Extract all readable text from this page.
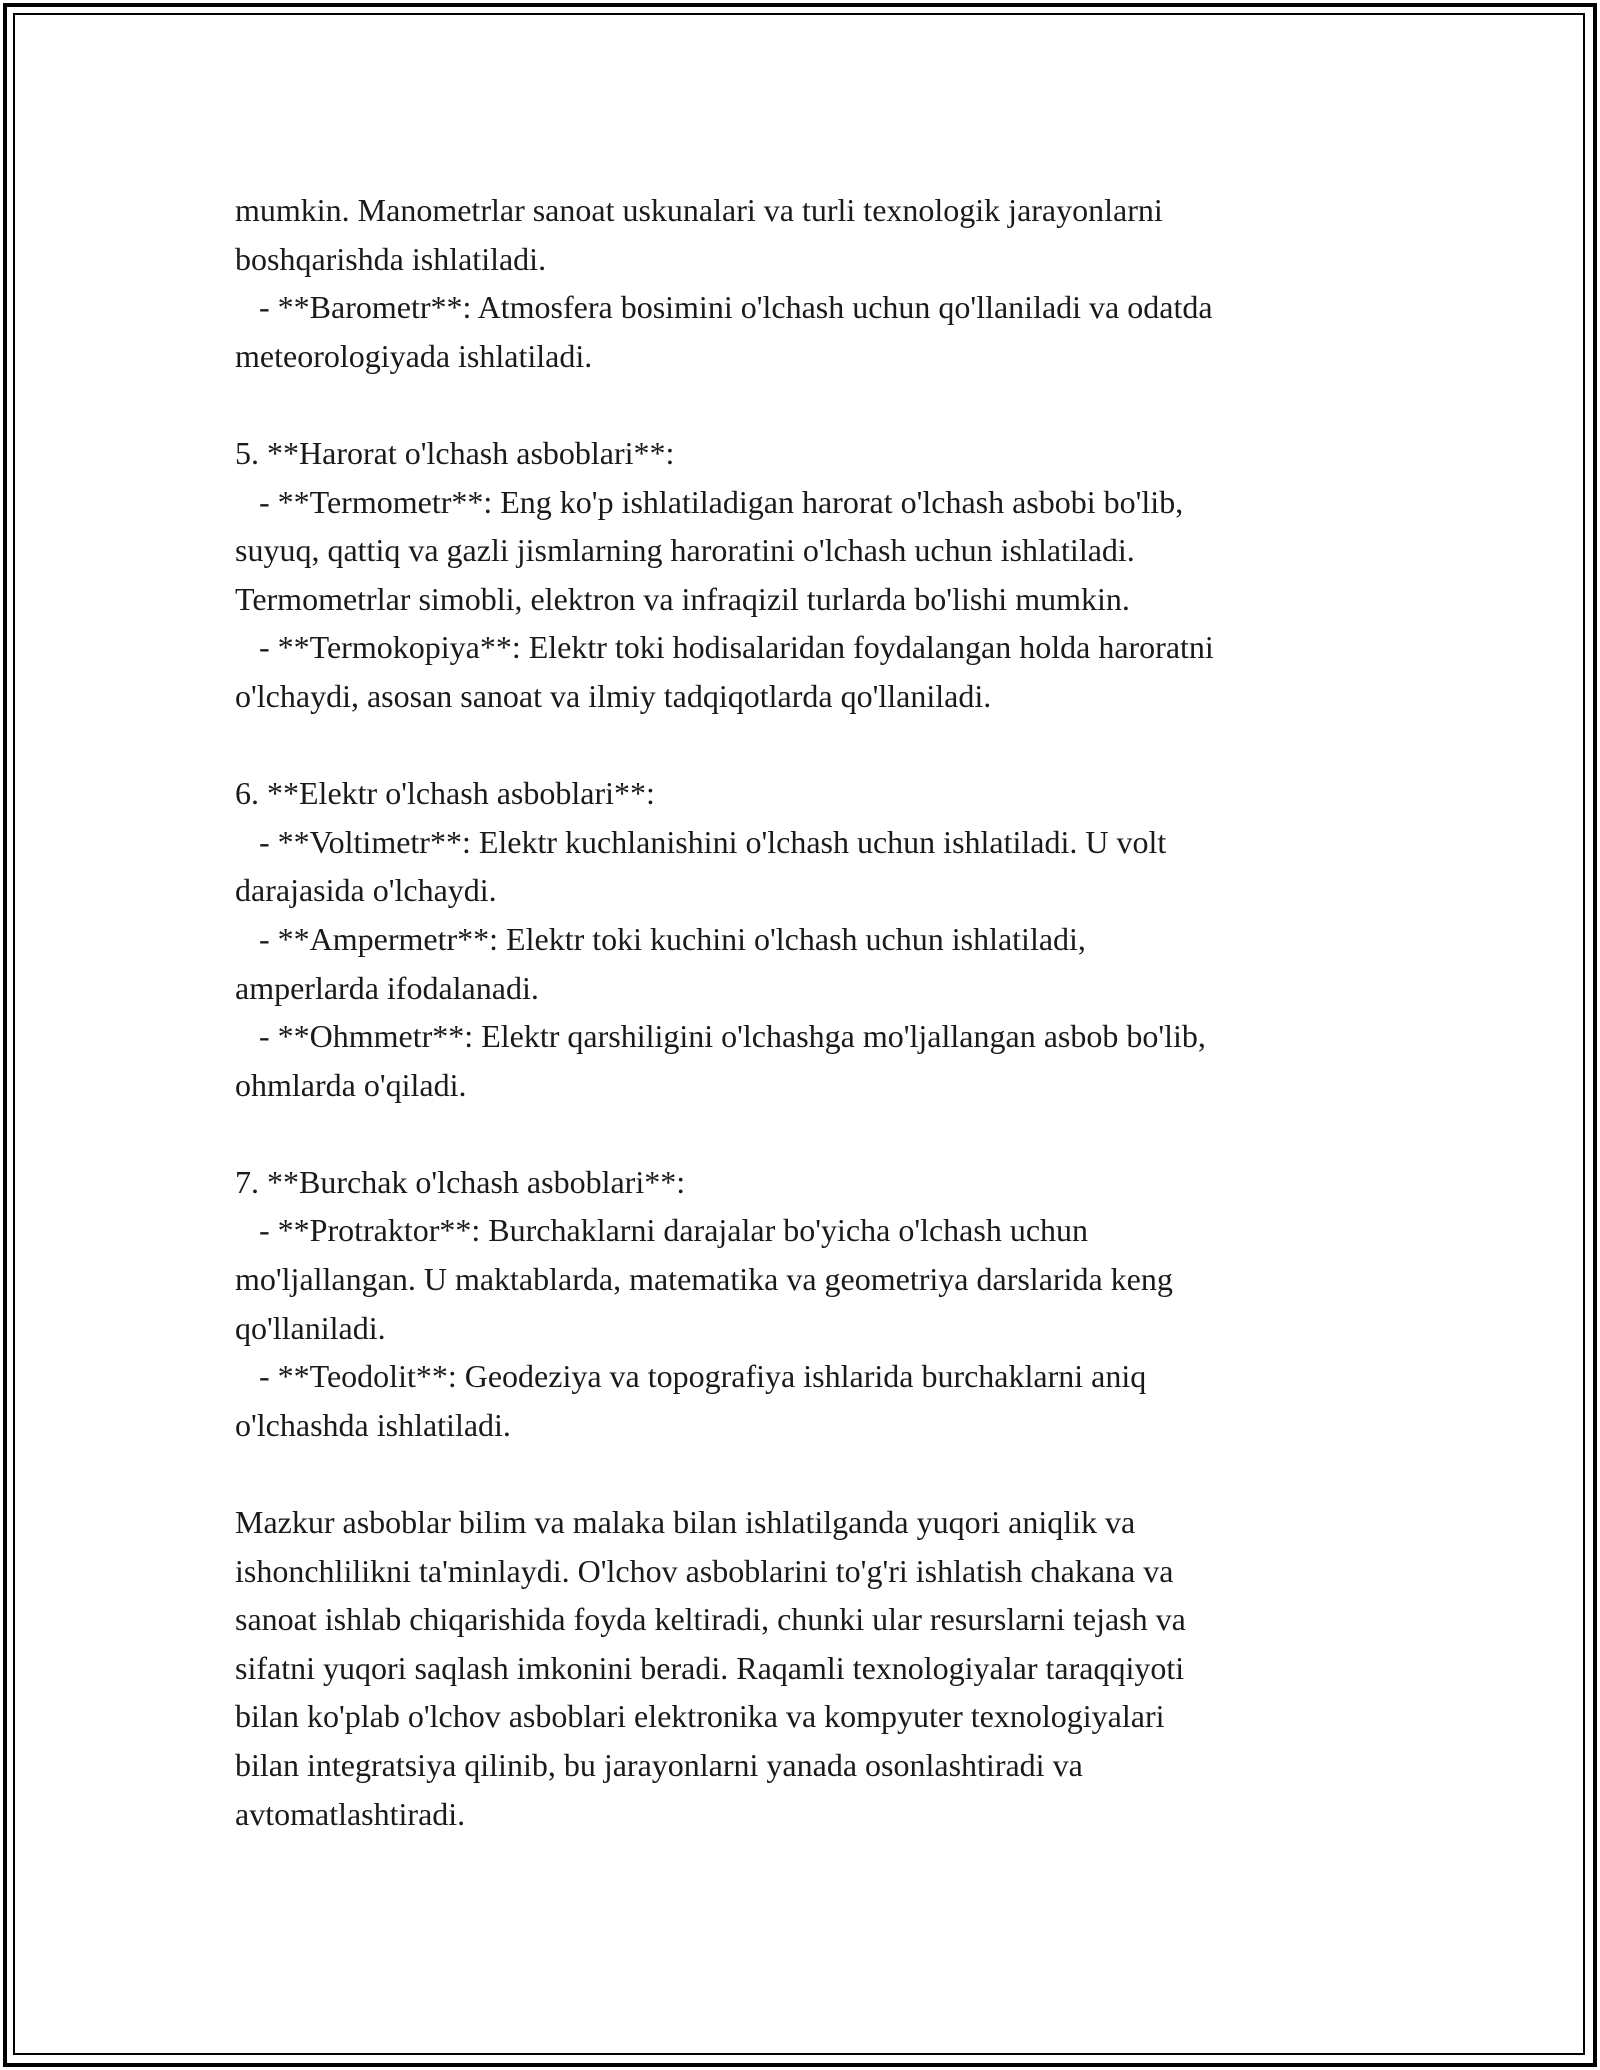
mumkin. Manometrlar sanoat uskunalari va turli texnologik jarayonlarni

boshqarishda ishlatiladi.

- **Barometr**: Atmosfera bosimini o'lchash uchun qo'llaniladi va odatda

meteorologiyada ishlatiladi.

5. **Harorat o'lchash asboblari**:

- **Termometr**: Eng ko'p ishlatiladigan harorat o'lchash asbobi bo'lib,

suyuq, qattiq va gazli jismlarning haroratini o'lchash uchun ishlatiladi.

Termometrlar simobli, elektron va infraqizil turlarda bo'lishi mumkin.

- **Termokopiya**: Elektr toki hodisalaridan foydalangan holda haroratni

o'lchaydi, asosan sanoat va ilmiy tadqiqotlarda qo'llaniladi.

6. **Elektr o'lchash asboblari**:

- **Voltimetr**: Elektr kuchlanishini o'lchash uchun ishlatiladi. U volt

darajasida o'lchaydi.

- **Ampermetr**: Elektr toki kuchini o'lchash uchun ishlatiladi,

amperlarda ifodalanadi.

- **Ohmmetr**: Elektr qarshiligini o'lchashga mo'ljallangan asbob bo'lib,

ohmlarda o'qiladi.

7. **Burchak o'lchash asboblari**:

- **Protraktor**: Burchaklarni darajalar bo'yicha o'lchash uchun

mo'ljallangan. U maktablarda, matematika va geometriya darslarida keng

qo'llaniladi.

- **Teodolit**: Geodeziya va topografiya ishlarida burchaklarni aniq

o'lchashda ishlatiladi.

Mazkur asboblar bilim va malaka bilan ishlatilganda yuqori aniqlik va

ishonchlilikni ta'minlaydi. O'lchov asboblarini to'g'ri ishlatish chakana va

sanoat ishlab chiqarishida foyda keltiradi, chunki ular resurslarni tejash va

sifatni yuqori saqlash imkonini beradi. Raqamli texnologiyalar taraqqiyoti

bilan ko'plab o'lchov asboblari elektronika va kompyuter texnologiyalari

bilan integratsiya qilinib, bu jarayonlarni yanada osonlashtiradi va

avtomatlashtiradi.
